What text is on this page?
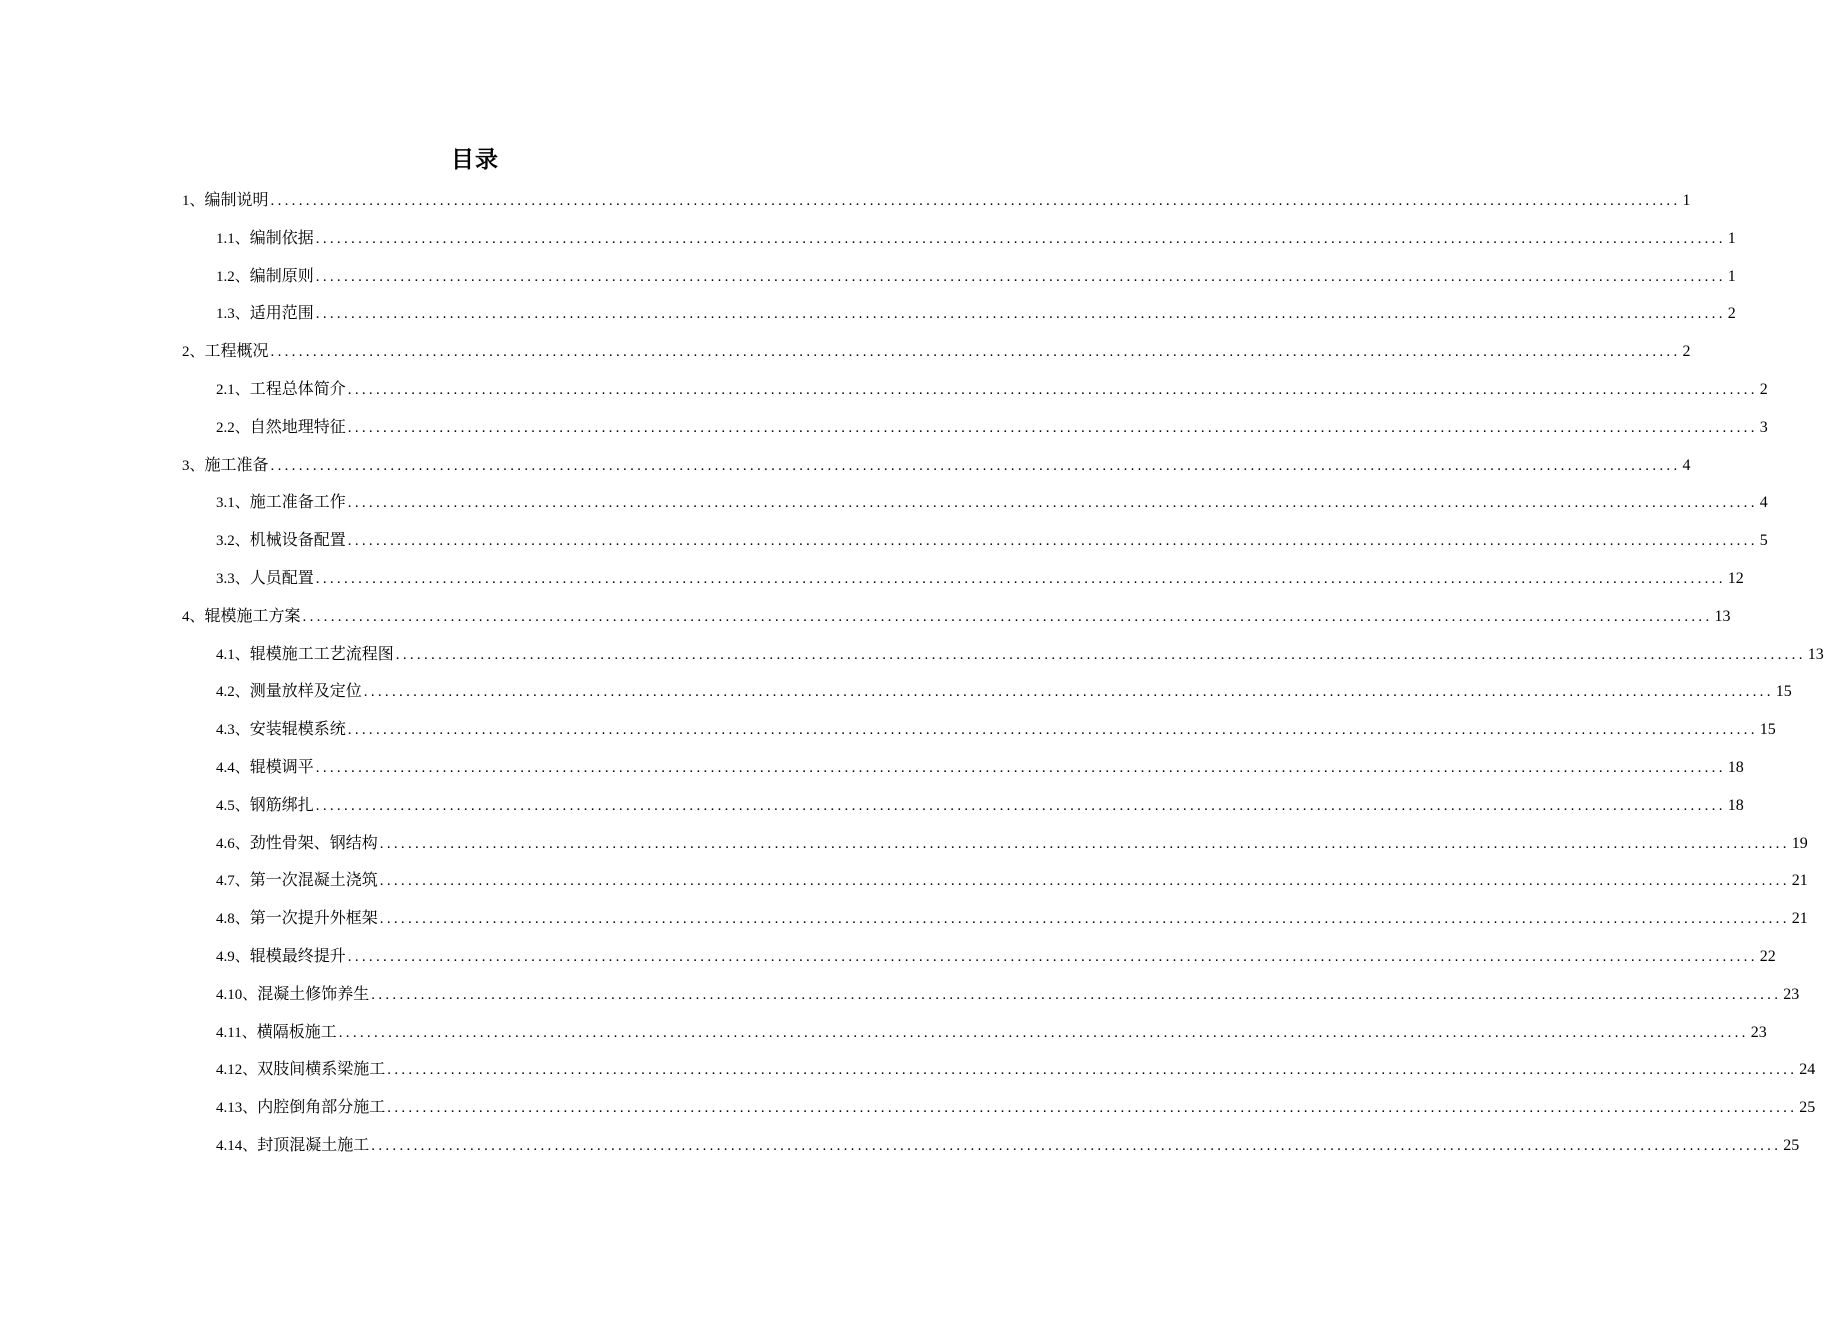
目录
1、 编制说明 ........................................................................................................................................................................................................ 1
1.1、 编制依据 ........................................................................................................................................................................................................ 1
1.2、 编制原则 ........................................................................................................................................................................................................ 1
1.3、 适用范围 ........................................................................................................................................................................................................ 2
2、 工程概况 ........................................................................................................................................................................................................ 2
2.1、 工程总体简介 ........................................................................................................................................................................................................ 2
2.2、 自然地理特征 ........................................................................................................................................................................................................ 3
3、 施工准备 ........................................................................................................................................................................................................ 4
3.1、 施工准备工作 ........................................................................................................................................................................................................ 4
3.2、 机械设备配置 ........................................................................................................................................................................................................ 5
3.3、 人员配置 ........................................................................................................................................................................................................ 12
4、 辊模施工方案 ........................................................................................................................................................................................................ 13
4.1、 辊模施工工艺流程图 ........................................................................................................................................................................................................ 13
4.2、 测量放样及定位 ........................................................................................................................................................................................................ 15
4.3、 安装辊模系统 ........................................................................................................................................................................................................ 15
4.4、 辊模调平 ........................................................................................................................................................................................................ 18
4.5、 钢筋绑扎 ........................................................................................................................................................................................................ 18
4.6、 劲性骨架、钢结构 ........................................................................................................................................................................................................ 19
4.7、 第一次混凝土浇筑 ........................................................................................................................................................................................................ 21
4.8、 第一次提升外框架 ........................................................................................................................................................................................................ 21
4.9、 辊模最终提升 ........................................................................................................................................................................................................ 22
4.10、 混凝土修饰养生 ........................................................................................................................................................................................................ 23
4.11、 横隔板施工 ........................................................................................................................................................................................................ 23
4.12、 双肢间横系梁施工 ........................................................................................................................................................................................................ 24
4.13、 内腔倒角部分施工 ........................................................................................................................................................................................................ 25
4.14、 封顶混凝土施工 ........................................................................................................................................................................................................ 25
